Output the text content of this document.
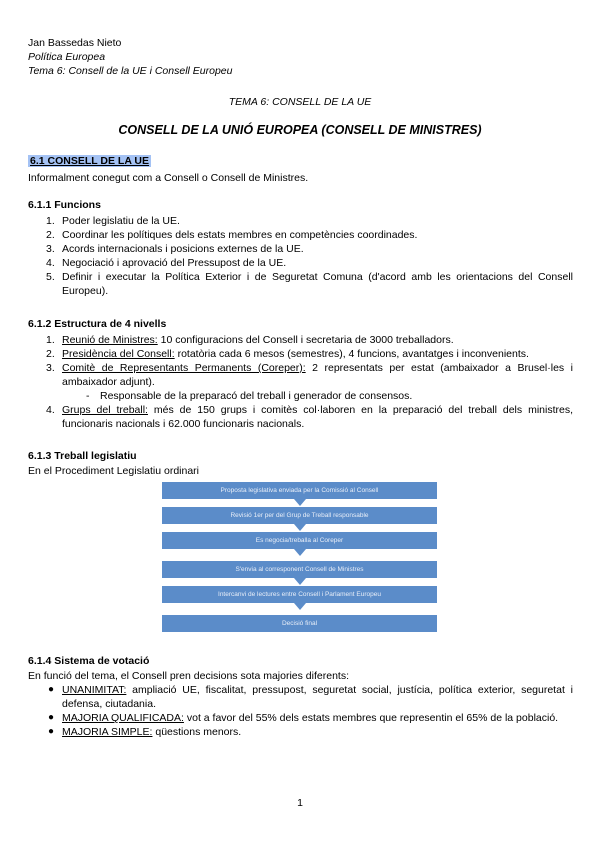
Jan Bassedas Nieto
Política Europea
Tema 6: Consell de la UE i Consell Europeu
TEMA 6: CONSELL DE LA UE
CONSELL DE LA UNIÓ EUROPEA (CONSELL DE MINISTRES)
6.1 CONSELL DE LA UE
Informalment conegut com a Consell o Consell de Ministres.
6.1.1 Funcions
1. Poder legislatiu de la UE.
2. Coordinar les polítiques dels estats membres en competències coordinades.
3. Acords internacionals i posicions externes de la UE.
4. Negociació i aprovació del Pressupost de la UE.
5. Definir i executar la Política Exterior i de Seguretat Comuna (d'acord amb les orientacions del Consell Europeu).
6.1.2 Estructura de 4 nivells
1. Reunió de Ministres: 10 configuracions del Consell i secretaria de 3000 treballadors.
2. Presidència del Consell: rotatòria cada 6 mesos (semestres), 4 funcions, avantatges i inconvenients.
3. Comitè de Representants Permanents (Coreper): 2 representats per estat (ambaixador a Brusel·les i ambaixador adjunt).
- Responsable de la preparacó del treball i generador de consensos.
4. Grups del treball: més de 150 grups i comitès col·laboren en la preparació del treball dels ministres, funcionaris nacionals i 62.000 funcionaris nacionals.
6.1.3 Treball legislatiu
En el Procediment Legislatiu ordinari
Proposta legislativa enviada per la Comissió al Consell
Revisió 1er per del Grup de Treball responsable
Es negocia/treballa al Coreper
S'envia al corresponent Consell de Ministres
Intercanvi de lectures entre Consell i Parlament Europeu
Decisió final
6.1.4 Sistema de votació
En funció del tema, el Consell pren decisions sota majories diferents:
● UNANIMITAT: ampliació UE, fiscalitat, pressupost, seguretat social, justícia, política exterior, seguretat i defensa, ciutadania.
● MAJORIA QUALIFICADA: vot a favor del 55% dels estats membres que representin el 65% de la població.
● MAJORIA SIMPLE: qüestions menors.
1
